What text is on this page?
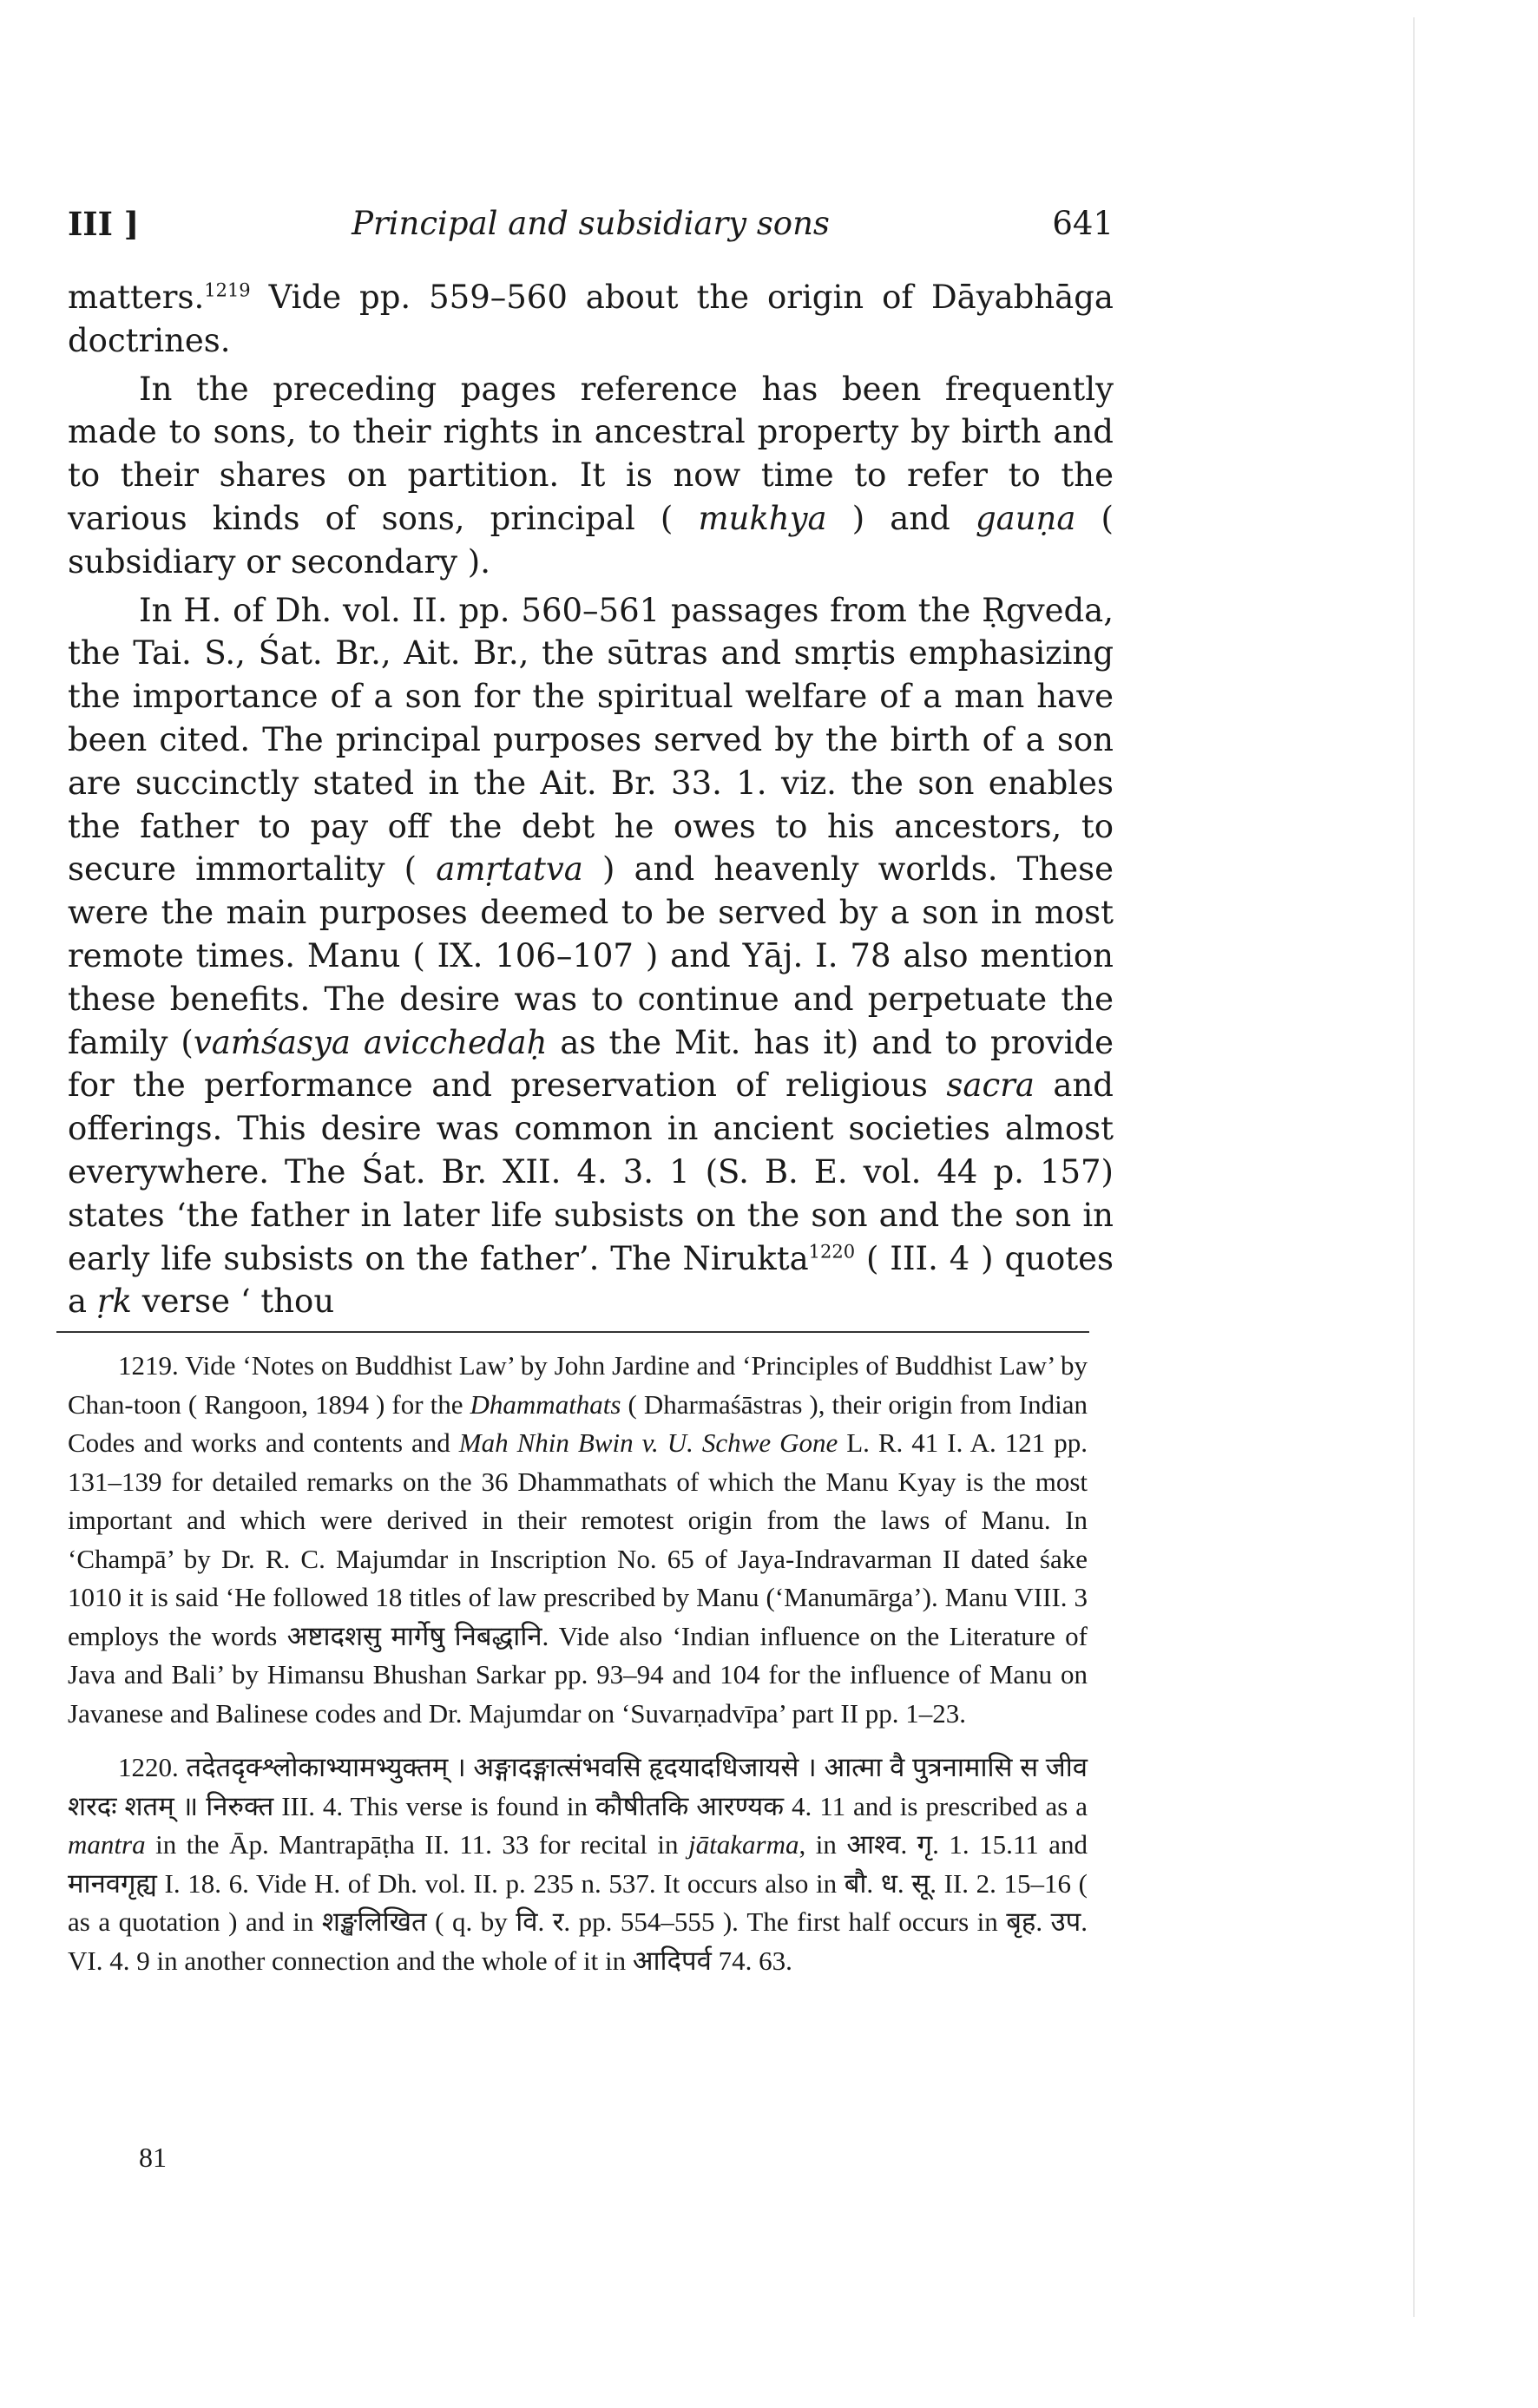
III ]	Principal and subsidiary sons	641

matters.$^{1219}$ Vide pp. 559–560 about the origin of Dāyabhāga doctrines.

In the preceding pages reference has been frequently made to sons, to their rights in ancestral property by birth and to their shares on partition. It is now time to refer to the various kinds of sons, principal ( mukhya ) and gauṇa ( subsidiary or secondary ).

In H. of Dh. vol. II. pp. 560–561 passages from the Ṛgveda, the Tai. S., Śat. Br., Ait. Br., the sūtras and smṛtis emphasizing the importance of a son for the spiritual welfare of a man have been cited. The principal purposes served by the birth of a son are succinctly stated in the Ait. Br. 33. 1. viz. the son enables the father to pay off the debt he owes to his ancestors, to secure immortality ( amṛtatva ) and heavenly worlds. These were the main purposes deemed to be served by a son in most remote times. Manu ( IX. 106–107 ) and Yāj. I. 78 also mention these benefits. The desire was to continue and perpetuate the family (vaṁśasya avicchedaḥ as the Mit. has it) and to provide for the performance and preservation of religious sacra and offerings. This desire was common in ancient societies almost everywhere. The Śat. Br. XII. 4. 3. 1 (S. B. E. vol. 44 p. 157) states ‘the father in later life subsists on the son and the son in early life subsists on the father’. The Nirukta$^{1220}$ ( III. 4 ) quotes a ṛk verse ‘ thou

1219. Vide ‘Notes on Buddhist Law’ by John Jardine and ‘Principles of Buddhist Law’ by Chan-toon ( Rangoon, 1894 ) for the Dhammathats ( Dharmaśāstras ), their origin from Indian Codes and works and contents and Mah Nhin Bwin v. U. Schwe Gone L. R. 41 I. A. 121 pp. 131–139 for detailed remarks on the 36 Dhammathats of which the Manu Kyay is the most important and which were derived in their remotest origin from the laws of Manu. In ‘Champā’ by Dr. R. C. Majumdar in Inscription No. 65 of Jaya-Indravarman II dated śake 1010 it is said ‘He followed 18 titles of law prescribed by Manu (‘Manumārga’). Manu VIII. 3 employs the words अष्टादशसु मार्गेषु निबद्धानि. Vide also ‘Indian influence on the Literature of Java and Bali’ by Himansu Bhushan Sarkar pp. 93–94 and 104 for the influence of Manu on Javanese and Balinese codes and Dr. Majumdar on ‘Suvarṇadvīpa’ part II pp. 1–23.

1220. तदेतदृक्श्लोकाभ्यामभ्युक्तम् । अङ्गादङ्गात्संभवसि हृदयादधिजायसे । आत्मा वै पुत्रनामासि स जीव शरदः शतम् ॥ निरुक्त III. 4. This verse is found in कौषीतकि आरण्यक 4. 11 and is prescribed as a mantra in the Āp. Mantrapāṭha II. 11. 33 for recital in jātakarma, in आश्व. गृ. 1. 15.11 and मानवगृह्य I. 18. 6. Vide H. of Dh. vol. II. p. 235 n. 537. It occurs also in बौ. ध. सू. II. 2. 15–16 ( as a quotation ) and in शङ्खलिखित ( q. by वि. र. pp. 554–555 ). The first half occurs in बृह. उप. VI. 4. 9 in another connection and the whole of it in आदिपर्व 74. 63.

81
